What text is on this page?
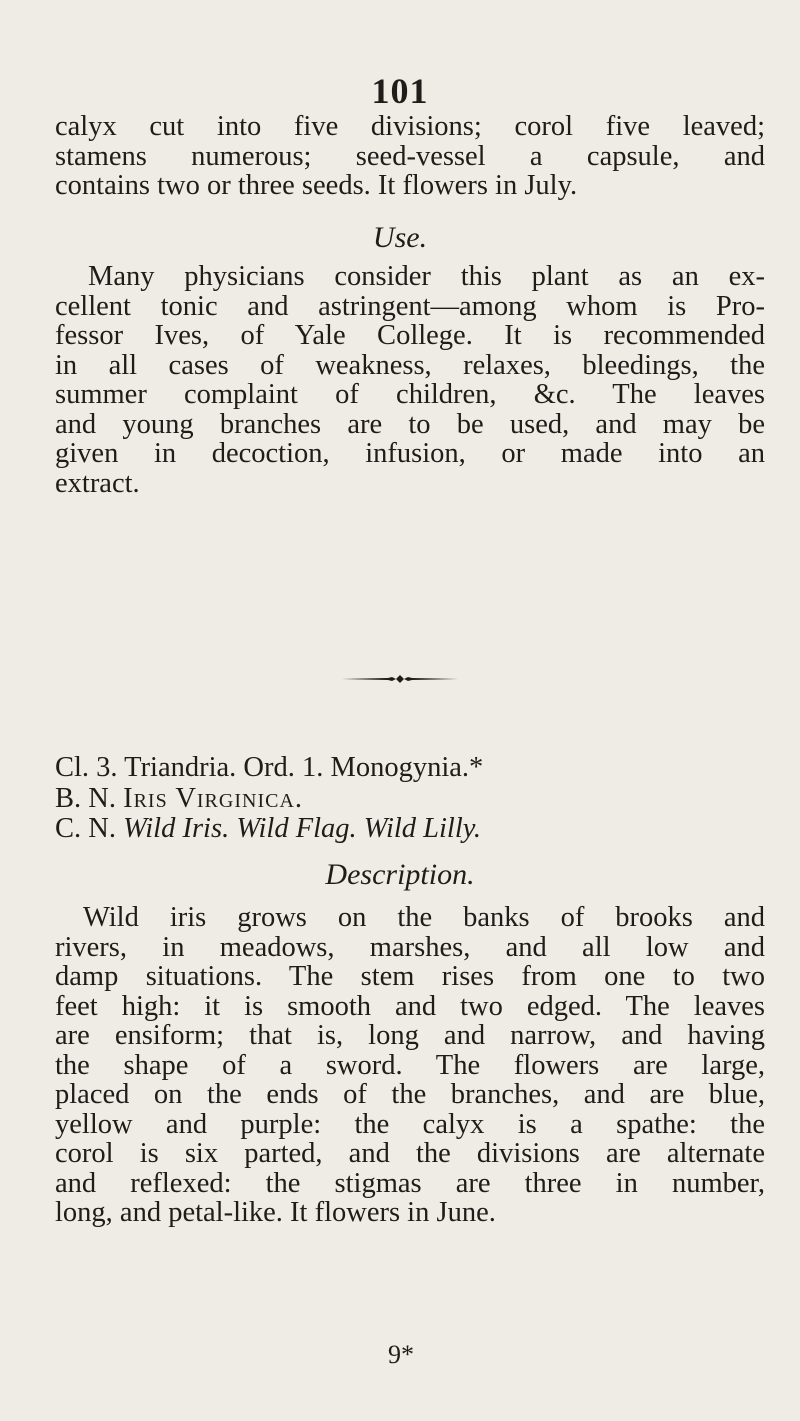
101
calyx cut into five divisions; corol five leaved;
stamens numerous; seed-vessel a capsule, and
contains two or three seeds. It flowers in July.
Use.
Many physicians consider this plant as an ex-
cellent tonic and astringent—among whom is Pro-
fessor Ives, of Yale College. It is recommended
in all cases of weakness, relaxes, bleedings, the
summer complaint of children, &c. The leaves
and young branches are to be used, and may be
given in decoction, infusion, or made into an
extract.
Cl. 3. Triandria. Ord. 1. Monogynia.*
B. N. Iris Virginica.
C. N. Wild Iris. Wild Flag. Wild Lilly.
Description.
Wild iris grows on the banks of brooks and
rivers, in meadows, marshes, and all low and
damp situations. The stem rises from one to two
feet high: it is smooth and two edged. The leaves
are ensiform; that is, long and narrow, and having
the shape of a sword. The flowers are large,
placed on the ends of the branches, and are blue,
yellow and purple: the calyx is a spathe: the
corol is six parted, and the divisions are alternate
and reflexed: the stigmas are three in number,
long, and petal-like. It flowers in June.
9*
